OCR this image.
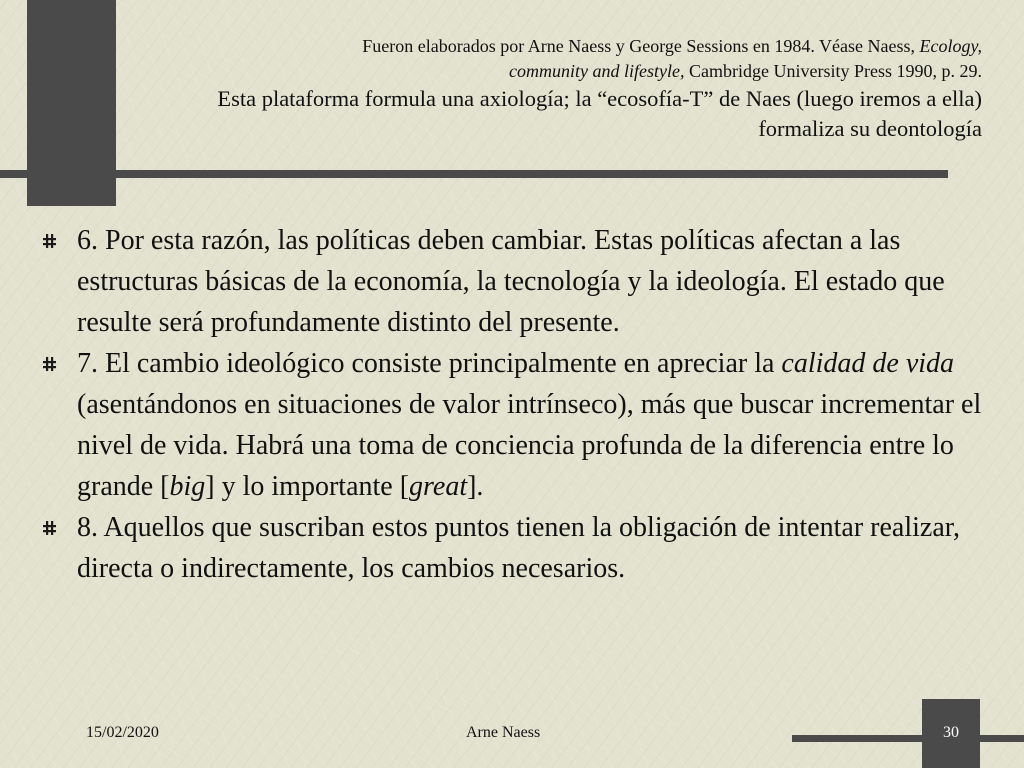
Fueron elaborados por Arne Naess y George Sessions en 1984. Véase Naess, Ecology,
community and lifestyle, Cambridge University Press 1990, p. 29.
Esta plataforma formula una axiología; la “ecosofía-T” de Naes (luego iremos a ella) formaliza su deontología
6. Por esta razón, las políticas deben cambiar. Estas políticas afectan a las estructuras básicas de la economía, la tecnología y la ideología. El estado que resulte será profundamente distinto del presente.
7. El cambio ideológico consiste principalmente en apreciar la calidad de vida (asentándonos en situaciones de valor intrínseco), más que buscar incrementar el nivel de vida. Habrá una toma de conciencia profunda de la diferencia entre lo grande [big] y lo importante [great].
8. Aquellos que suscriban estos puntos tienen la obligación de intentar realizar, directa o indirectamente, los cambios necesarios.
15/02/2020	Arne Naess	30
